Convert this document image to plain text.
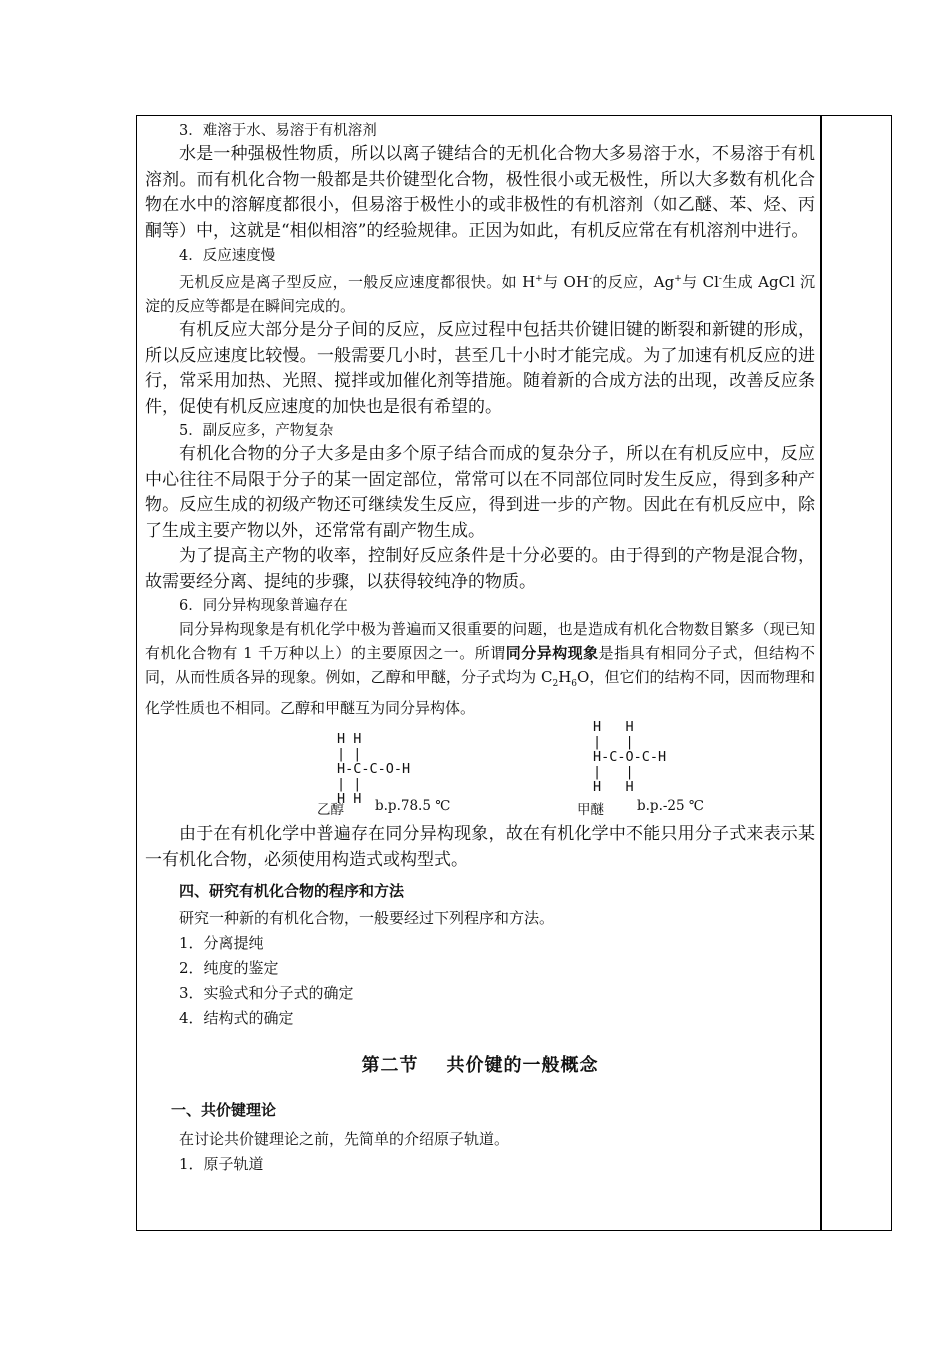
3．难溶于水、易溶于有机溶剂

水是一种强极性物质，所以以离子键结合的无机化合物大多易溶于水，不易溶于有机溶剂。而有机化合物一般都是共价键型化合物，极性很小或无极性，所以大多数有机化合物在水中的溶解度都很小，但易溶于极性小的或非极性的有机溶剂（如乙醚、苯、烃、丙酮等）中，这就是“相似相溶”的经验规律。正因为如此，有机反应常在有机溶剂中进行。

4．反应速度慢

无机反应是离子型反应，一般反应速度都很快。如 H+与 OH-的反应，Ag+与 Cl-生成 AgCl 沉淀的反应等都是在瞬间完成的。

有机反应大部分是分子间的反应，反应过程中包括共价键旧键的断裂和新键的形成，所以反应速度比较慢。一般需要几小时，甚至几十小时才能完成。为了加速有机反应的进行，常采用加热、光照、搅拌或加催化剂等措施。随着新的合成方法的出现，改善反应条件，促使有机反应速度的加快也是很有希望的。

5．副反应多，产物复杂

有机化合物的分子大多是由多个原子结合而成的复杂分子，所以在有机反应中，反应中心往往不局限于分子的某一固定部位，常常可以在不同部位同时发生反应，得到多种产物。反应生成的初级产物还可继续发生反应，得到进一步的产物。因此在有机反应中，除了生成主要产物以外，还常常有副产物生成。

为了提高主产物的收率，控制好反应条件是十分必要的。由于得到的产物是混合物，故需要经分离、提纯的步骤，以获得较纯净的物质。

6．同分异构现象普遍存在

同分异构现象是有机化学中极为普遍而又很重要的问题，也是造成有机化合物数目繁多（现已知有机化合物有 1 千万种以上）的主要原因之一。所谓同分异构现象是指具有相同分子式，但结构不同，从而性质各异的现象。例如，乙醇和甲醚，分子式均为 $C_2H_6O$，但它们的结构不同，因而物理和化学性质也不相同。乙醇和甲醚互为同分异构体。

H H
| |
H-C-C-O-H
| |
H H
H   H
|   |
H-C-O-C-H
|   |
H   H
乙醇 b.p.78.5 ℃	甲醚 b.p.-25 ℃

由于在有机化学中普遍存在同分异构现象，故在有机化学中不能只用分子式来表示某一有机化合物，必须使用构造式或构型式。

四、研究有机化合物的程序和方法

研究一种新的有机化合物，一般要经过下列程序和方法。

1．分离提纯

2．纯度的鉴定

3．实验式和分子式的确定

4．结构式的确定

第二节 共价键的一般概念

一、共价键理论

在讨论共价键理论之前，先简单的介绍原子轨道。

1．原子轨道
